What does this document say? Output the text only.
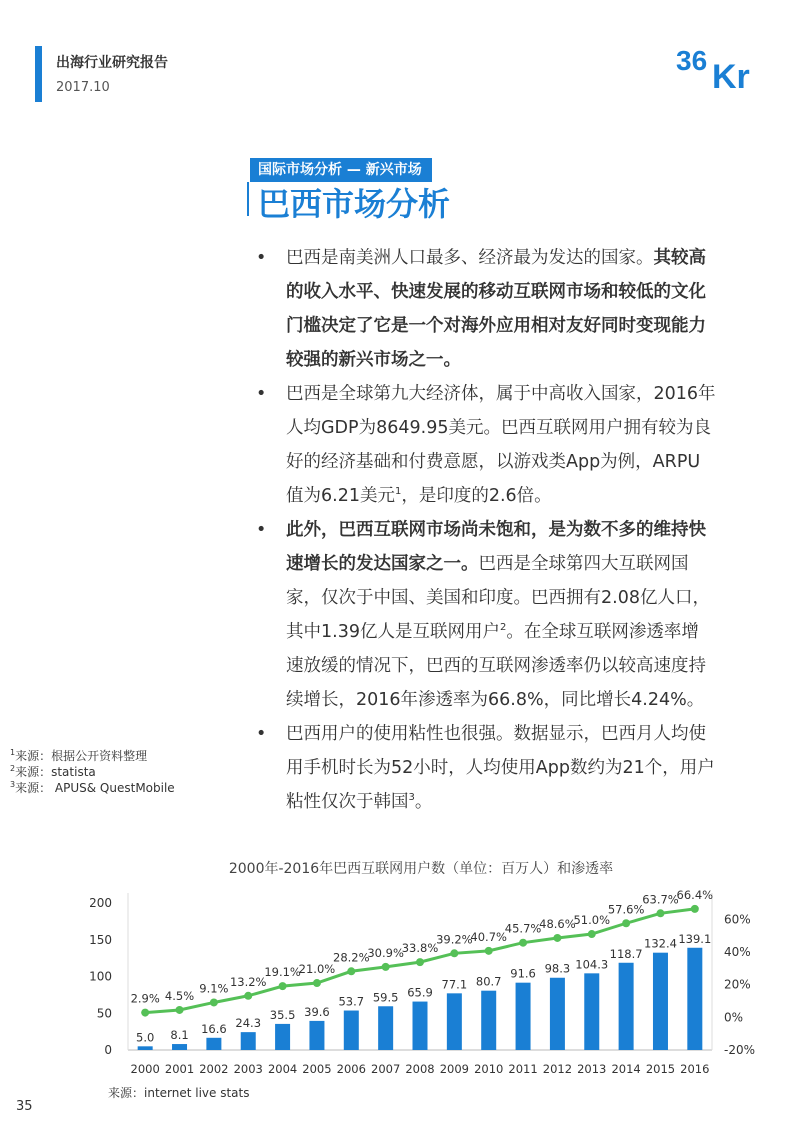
出海行业研究报告
2017.10
36 Kr
国际市场分析 — 新兴市场
巴西市场分析
• 巴西是南美洲人口最多、经济最为发达的国家。其较高的收入水平、快速发展的移动互联网市场和较低的文化门槛决定了它是一个对海外应用相对友好同时变现能力较强的新兴市场之一。
• 巴西是全球第九大经济体，属于中高收入国家，2016年人均GDP为8649.95美元。巴西互联网用户拥有较为良好的经济基础和付费意愿，以游戏类App为例，ARPU值为6.21美元$^1$，是印度的2.6倍。
• 此外，巴西互联网市场尚未饱和，是为数不多的维持快速增长的发达国家之一。巴西是全球第四大互联网国家，仅次于中国、美国和印度。巴西拥有2.08亿人口，其中1.39亿人是互联网用户$^2$。在全球互联网渗透率增速放缓的情况下，巴西的互联网渗透率仍以较高速度持续增长，2016年渗透率为66.8%，同比增长4.24%。
• 巴西用户的使用粘性也很强。数据显示，巴西月人均使用手机时长为52小时，人均使用App数约为21个，用户粘性仅次于韩国$^3$。
$^1$来源：根据公开资料整理
$^2$来源：statista
$^3$来源： APUS& QuestMobile
2000年-2016年巴西互联网用户数（单位：百万人）和渗透率
5.0 8.1 16.6 24.3
35.5 39.6
53.7 59.5 65.9
77.1 80.7
91.6 98.3 104.3
118.7
132.4 139.1
2.9% 4.5%
9.1% 13.2%
19.1%
21.0%
28.2%
30.9%
33.8%
39.2%
40.7%
45.7%
48.6%
51.0%
57.6%
63.7%
66.4%
0
50
100
150
200
-20%
0%
20%
40%
60%
2000 2001 2002 2003 2004 2005 2006 2007 2008 2009 2010 2011 2012 2013 2014 2015 2016
来源：internet live stats
35
